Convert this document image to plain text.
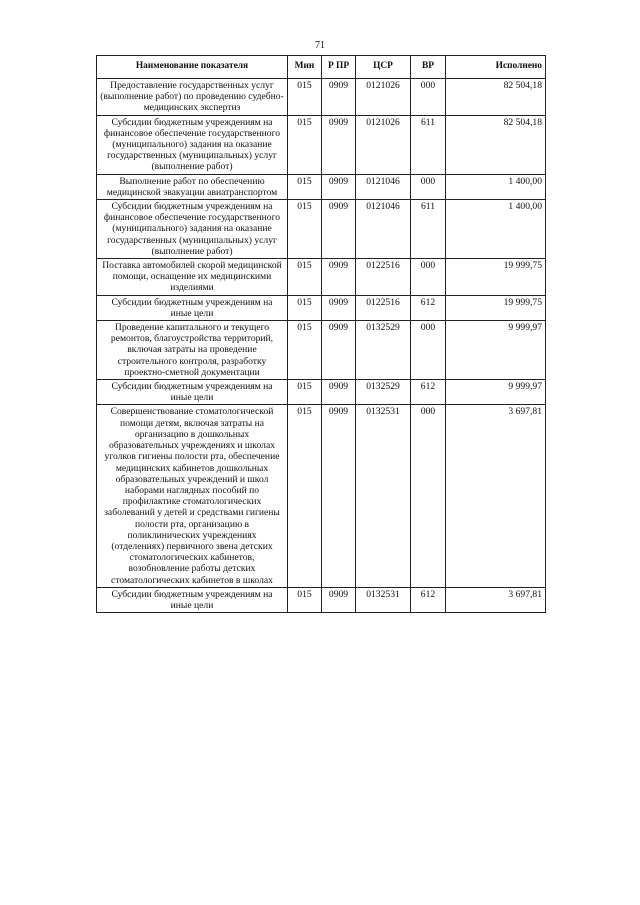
71
Наименование показателя	Мин	Р ПР	ЦСР	ВР	Исполнено
Предоставление государственных услуг (выполнение работ) по проведению судебно-медицинских экспертиз	015	0909	0121026	000	82 504,18
Субсидии бюджетным учреждениям на финансовое обеспечение государственного (муниципального) задания на оказание государственных (муниципальных) услуг (выполнение работ)	015	0909	0121026	611	82 504,18
Выполнение работ по обеспечению медицинской эвакуации авиатранспортом	015	0909	0121046	000	1 400,00
Субсидии бюджетным учреждениям на финансовое обеспечение государственного (муниципального) задания на оказание государственных (муниципальных) услуг (выполнение работ)	015	0909	0121046	611	1 400,00
Поставка автомобилей скорой медицинской помощи, оснащение их медицинскими изделиями	015	0909	0122516	000	19 999,75
Субсидии бюджетным учреждениям на иные цели	015	0909	0122516	612	19 999,75
Проведение капитального и текущего ремонтов, благоустройства территорий, включая затраты на проведение строительного контроля, разработку проектно-сметной документации	015	0909	0132529	000	9 999,97
Субсидии бюджетным учреждениям на иные цели	015	0909	0132529	612	9 999,97
Совершенствование стоматологической помощи детям, включая затраты на организацию в дошкольных образовательных учреждениях и школах уголков гигиены полости рта, обеспечение медицинских кабинетов дошкольных образовательных учреждений и школ наборами наглядных пособий по профилактике стоматологических заболеваний у детей и средствами гигиены полости рта, организацию в поликлинических учреждениях (отделениях) первичного звена детских стоматологических кабинетов, возобновление работы детских стоматологических кабинетов в школах	015	0909	0132531	000	3 697,81
Субсидии бюджетным учреждениям на иные цели	015	0909	0132531	612	3 697,81
